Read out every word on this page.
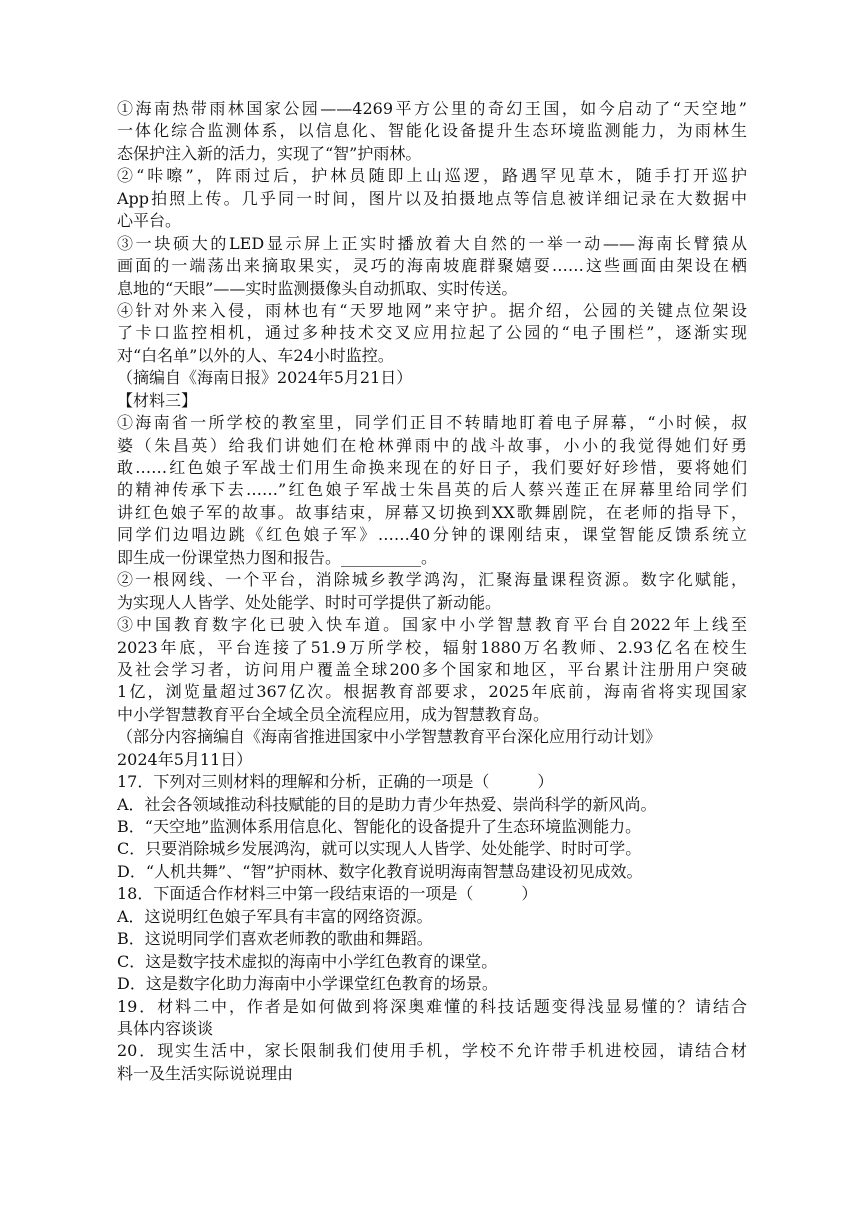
①海南热带雨林国家公园——4269平方公里的奇幻王国，如今启动了“天空地”
一体化综合监测体系，以信息化、智能化设备提升生态环境监测能力，为雨林生
态保护注入新的活力，实现了“智”护雨林。
②“咔嚓”，阵雨过后，护林员随即上山巡逻，路遇罕见草木，随手打开巡护
App拍照上传。几乎同一时间，图片以及拍摄地点等信息被详细记录在大数据中
心平台。
③一块硕大的LED显示屏上正实时播放着大自然的一举一动——海南长臂猿从
画面的一端荡出来摘取果实，灵巧的海南坡鹿群聚嬉耍……这些画面由架设在栖
息地的“天眼”——实时监测摄像头自动抓取、实时传送。
④针对外来入侵，雨林也有“天罗地网”来守护。据介绍，公园的关键点位架设
了卡口监控相机，通过多种技术交叉应用拉起了公园的“电子围栏”，逐渐实现
对“白名单”以外的人、车24小时监控。
（摘编自《海南日报》2024年5月21日）
【材料三】
①海南省一所学校的教室里，同学们正目不转睛地盯着电子屏幕，“小时候，叔
婆（朱昌英）给我们讲她们在枪林弹雨中的战斗故事，小小的我觉得她们好勇
敢……红色娘子军战士们用生命换来现在的好日子，我们要好好珍惜，要将她们
的精神传承下去……”红色娘子军战士朱昌英的后人蔡兴莲正在屏幕里给同学们
讲红色娘子军的故事。故事结束，屏幕又切换到XX歌舞剧院，在老师的指导下，
同学们边唱边跳《红色娘子军》……40分钟的课刚结束，课堂智能反馈系统立
即生成一份课堂热力图和报告。__________。
②一根网线、一个平台，消除城乡教学鸿沟，汇聚海量课程资源。数字化赋能，
为实现人人皆学、处处能学、时时可学提供了新动能。
③中国教育数字化已驶入快车道。国家中小学智慧教育平台自2022年上线至
2023年底，平台连接了51.9万所学校，辐射1880万名教师、2.93亿名在校生
及社会学习者，访问用户覆盖全球200多个国家和地区，平台累计注册用户突破
1亿，浏览量超过367亿次。根据教育部要求，2025年底前，海南省将实现国家
中小学智慧教育平台全域全员全流程应用，成为智慧教育岛。
（部分内容摘编自《海南省推进国家中小学智慧教育平台深化应用行动计划》
2024年5月11日）
17．下列对三则材料的理解和分析，正确的一项是（　　　）
A．社会各领域推动科技赋能的目的是助力青少年热爱、崇尚科学的新风尚。
B．“天空地”监测体系用信息化、智能化的设备提升了生态环境监测能力。
C．只要消除城乡发展鸿沟，就可以实现人人皆学、处处能学、时时可学。
D．“人机共舞”、“智”护雨林、数字化教育说明海南智慧岛建设初见成效。
18．下面适合作材料三中第一段结束语的一项是（　　　）
A．这说明红色娘子军具有丰富的网络资源。
B．这说明同学们喜欢老师教的歌曲和舞蹈。
C．这是数字技术虚拟的海南中小学红色教育的课堂。
D．这是数字化助力海南中小学课堂红色教育的场景。
19．材料二中，作者是如何做到将深奥难懂的科技话题变得浅显易懂的？请结合
具体内容谈谈
20．现实生活中，家长限制我们使用手机，学校不允许带手机进校园，请结合材
料一及生活实际说说理由
